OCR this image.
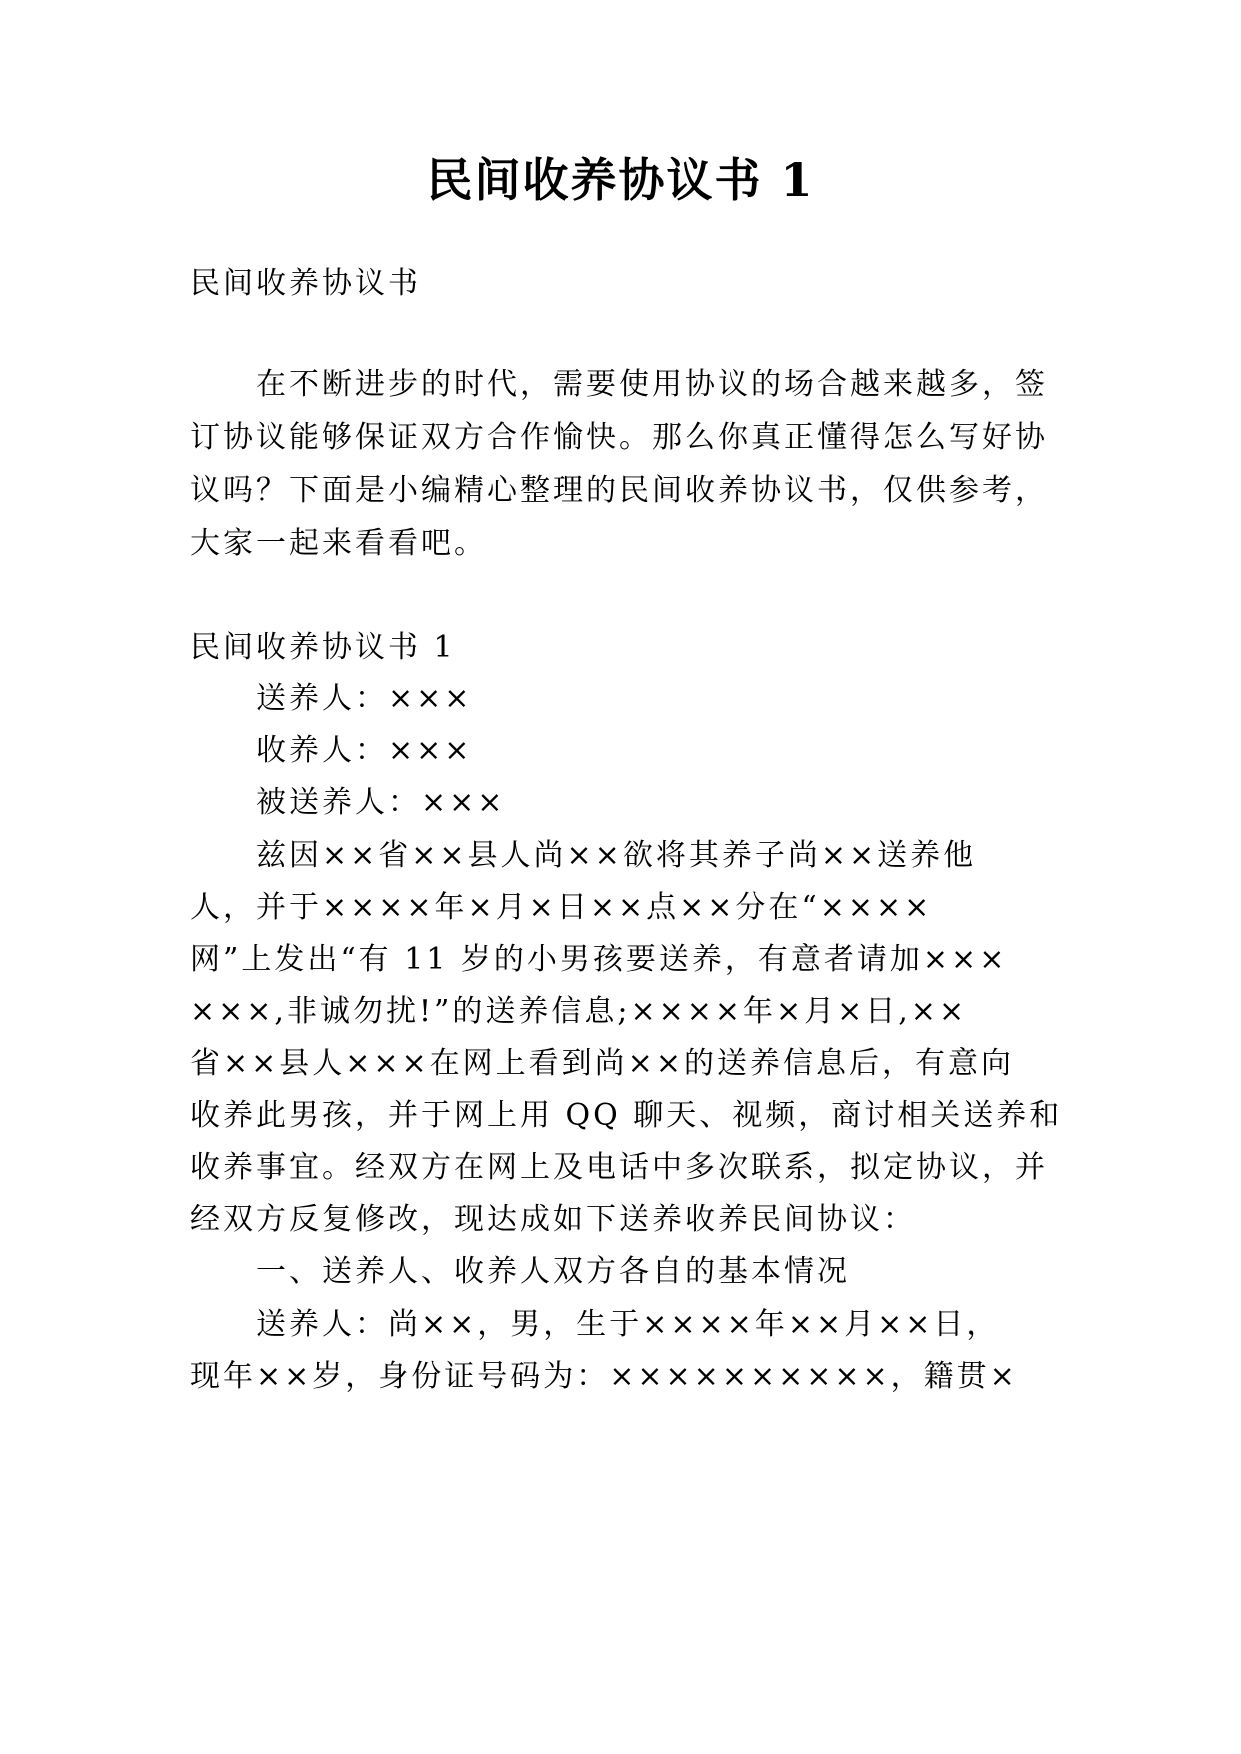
民间收养协议书 1
民间收养协议书
在不断进步的时代，需要使用协议的场合越来越多，签
订协议能够保证双方合作愉快。那么你真正懂得怎么写好协
议吗？下面是小编精心整理的民间收养协议书，仅供参考，
大家一起来看看吧。
民间收养协议书 1
送养人：×××
收养人：×××
被送养人：×××
兹因××省××县人尚××欲将其养子尚××送养他
人，并于××××年×月×日××点××分在“××××
网”上发出“有 11 岁的小男孩要送养，有意者请加×××
×××,非诚勿扰!”的送养信息;××××年×月×日,××
省××县人×××在网上看到尚××的送养信息后，有意向
收养此男孩，并于网上用 QQ 聊天、视频，商讨相关送养和
收养事宜。经双方在网上及电话中多次联系，拟定协议，并
经双方反复修改，现达成如下送养收养民间协议：
一、送养人、收养人双方各自的基本情况
送养人：尚××，男，生于××××年××月××日，
现年××岁，身份证号码为：××××××××××，籍贯×
